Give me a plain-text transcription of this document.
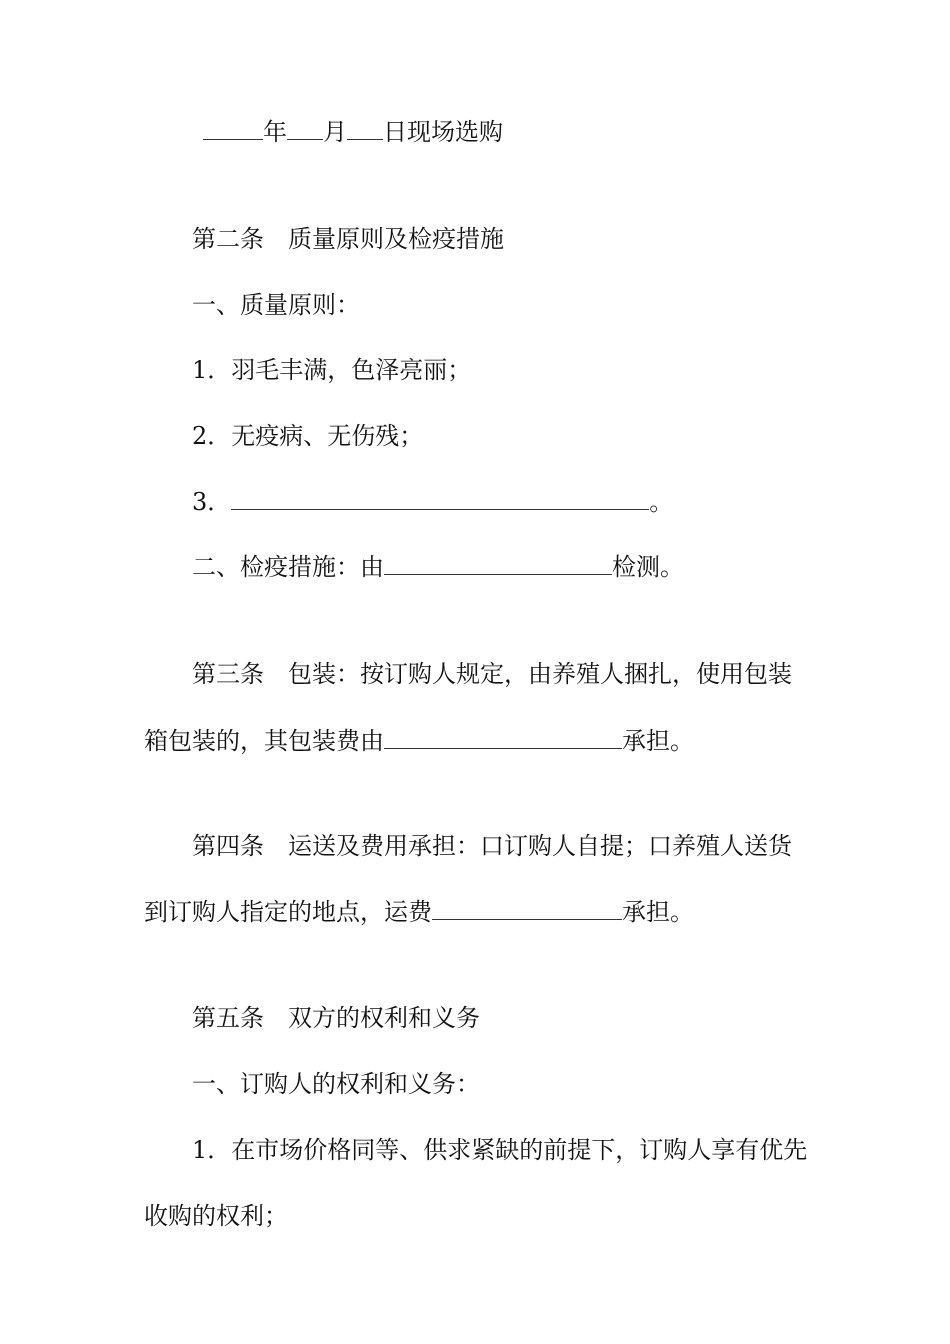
年 月 日现场选购
第二条 质量原则及检疫措施
一、质量原则：
1．羽毛丰满，色泽亮丽；
2．无疫病、无伤残；
3．	。
二、检疫措施：由	检测。
第三条 包装：按订购人规定，由养殖人捆扎，使用包装
箱包装的，其包装费由	承担。
第四条 运送及费用承担：口订购人自提；口养殖人送货
到订购人指定的地点，运费	承担。
第五条 双方的权利和义务
一、订购人的权利和义务：
1．在市场价格同等、供求紧缺的前提下，订购人享有优先
收购的权利；
